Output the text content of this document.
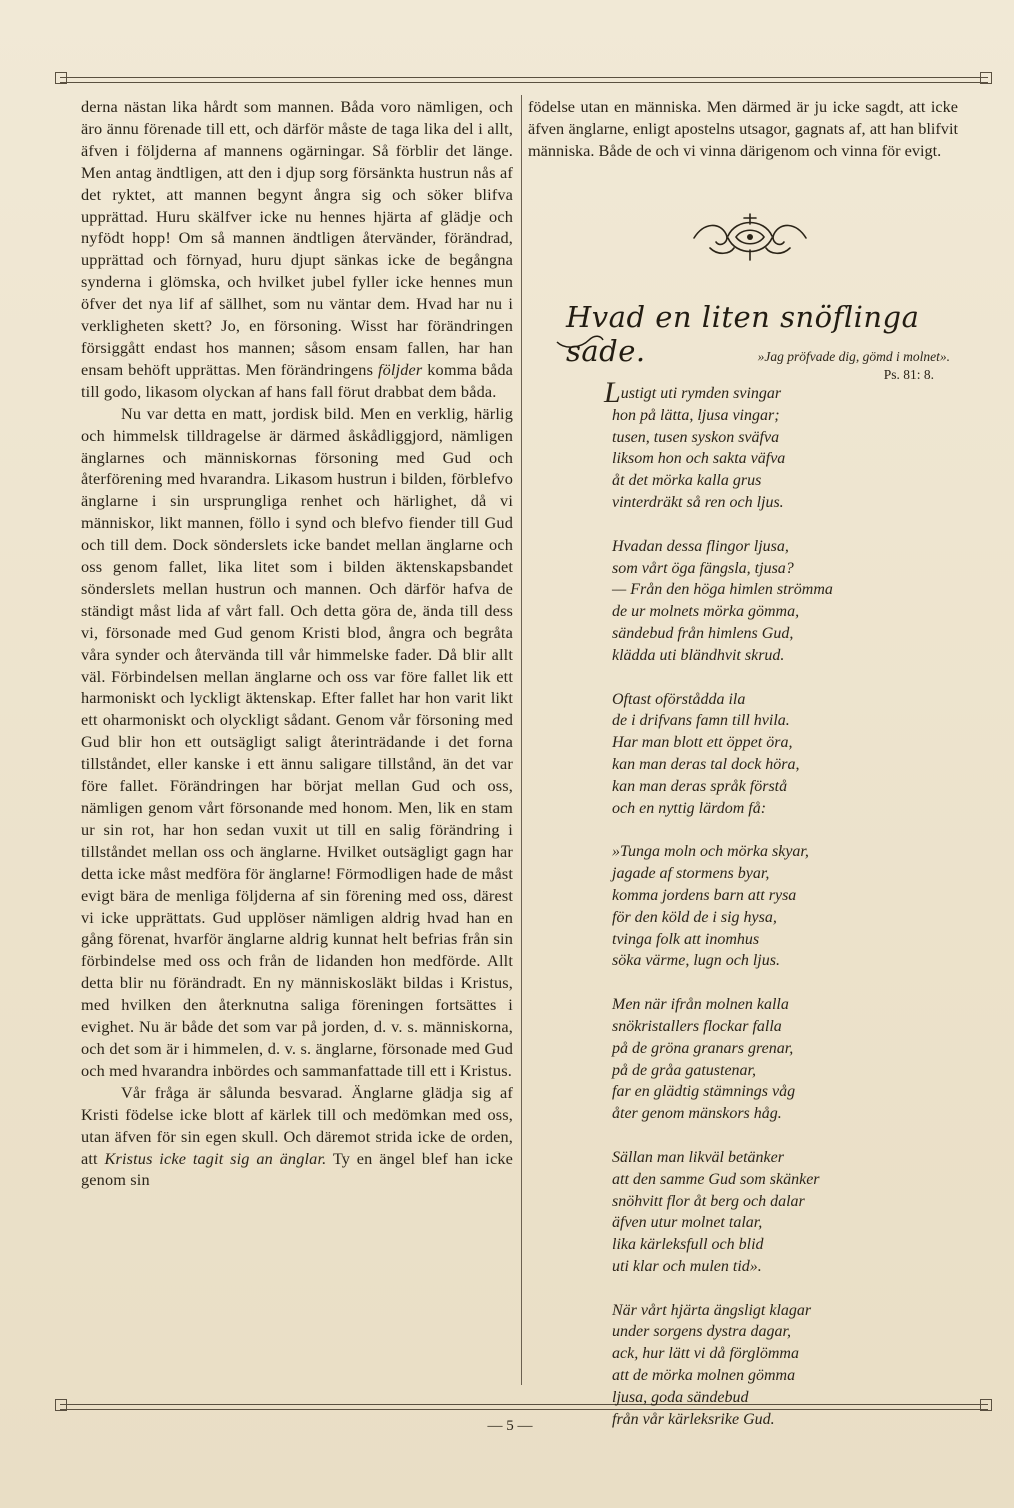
derna nästan lika hårdt som mannen. Båda voro nämligen, och äro ännu förenade till ett, och därför måste de taga lika del i allt, äfven i följderna af mannens ogärningar. Så förblir det länge. Men antag ändtligen, att den i djup sorg försänkta hustrun nås af det ryktet, att mannen begynt ångra sig och söker blifva upprättad. Huru skälfver icke nu hennes hjärta af glädje och nyfödt hopp! Om så mannen ändtligen återvänder, förändrad, upprättad och förnyad, huru djupt sänkas icke de begångna synderna i glömska, och hvilket jubel fyller icke hennes mun öfver det nya lif af sällhet, som nu väntar dem. Hvad har nu i verkligheten skett? Jo, en försoning. Wisst har förändringen försiggått endast hos mannen; såsom ensam fallen, har han ensam behöft upprättas. Men förändringens följder komma båda till godo, likasom olyckan af hans fall förut drabbat dem båda.

Nu var detta en matt, jordisk bild. Men en verklig, härlig och himmelsk tilldragelse är därmed åskådliggjord, nämligen änglarnes och människornas försoning med Gud och återförening med hvarandra. Likasom hustrun i bilden, förblefvo änglarne i sin ursprungliga renhet och härlighet, då vi människor, likt mannen, föllo i synd och blefvo fiender till Gud och till dem. Dock sönderslets icke bandet mellan änglarne och oss genom fallet, lika litet som i bilden äktenskapsbandet sönderslets mellan hustrun och mannen. Och därför hafva de ständigt måst lida af vårt fall. Och detta göra de, ända till dess vi, försonade med Gud genom Kristi blod, ångra och begråta våra synder och återvända till vår himmelske fader. Då blir allt väl. Förbindelsen mellan änglarne och oss var före fallet lik ett harmoniskt och lyckligt äktenskap. Efter fallet har hon varit likt ett oharmoniskt och olyckligt sådant. Genom vår försoning med Gud blir hon ett outsägligt saligt återinträdande i det forna tillståndet, eller kanske i ett ännu saligare tillstånd, än det var före fallet. Förändringen har börjat mellan Gud och oss, nämligen genom vårt försonande med honom. Men, lik en stam ur sin rot, har hon sedan vuxit ut till en salig förändring i tillståndet mellan oss och änglarne. Hvilket outsägligt gagn har detta icke måst medföra för änglarne! Förmodligen hade de måst evigt bära de menliga följderna af sin förening med oss, därest vi icke upprättats. Gud upplöser nämligen aldrig hvad han en gång förenat, hvarför änglarne aldrig kunnat helt befrias från sin förbindelse med oss och från de lidanden hon medförde. Allt detta blir nu förändradt. En ny människosläkt bildas i Kristus, med hvilken den återknutna saliga föreningen fortsättes i evighet. Nu är både det som var på jorden, d. v. s. människorna, och det som är i himmelen, d. v. s. änglarne, försonade med Gud och med hvarandra inbördes och sammanfattade till ett i Kristus.

Vår fråga är sålunda besvarad. Änglarne glädja sig af Kristi födelse icke blott af kärlek till och medömkan med oss, utan äfven för sin egen skull. Och däremot strida icke de orden, att Kristus icke tagit sig an änglar. Ty en ängel blef han icke genom sin

födelse utan en människa. Men därmed är ju icke sagdt, att icke äfven änglarne, enligt apostelns utsagor, gagnats af, att han blifvit människa. Både de och vi vinna därigenom och vinna för evigt.
Hvad en liten snöflinga sade.	»Jag pröfvade dig, gömd i molnet».
Ps. 81: 8.
Lustigt uti rymden svingar
hon på lätta, ljusa vingar;
tusen, tusen syskon sväfva
liksom hon och sakta väfva
åt det mörka kalla grus
vinterdräkt så ren och ljus.
Hvadan dessa flingor ljusa,
som vårt öga fängsla, tjusa?
— Från den höga himlen strömma
de ur molnets mörka gömma,
sändebud från himlens Gud,
klädda uti bländhvit skrud.
Oftast oförstådda ila
de i drifvans famn till hvila.
Har man blott ett öppet öra,
kan man deras tal dock höra,
kan man deras språk förstå
och en nyttig lärdom få:
»Tunga moln och mörka skyar,
jagade af stormens byar,
komma jordens barn att rysa
för den köld de i sig hysa,
tvinga folk att inomhus
söka värme, lugn och ljus.
Men när ifrån molnen kalla
snökristallers flockar falla
på de gröna granars grenar,
på de gråa gatustenar,
far en glädtig stämnings våg
åter genom mänskors håg.
Sällan man likväl betänker
att den samme Gud som skänker
snöhvitt flor åt berg och dalar
äfven utur molnet talar,
lika kärleksfull och blid
uti klar och mulen tid».
När vårt hjärta ängsligt klagar
under sorgens dystra dagar,
ack, hur lätt vi då förglömma
att de mörka molnen gömma
ljusa, goda sändebud
från vår kärleksrike Gud.
— 5 —
